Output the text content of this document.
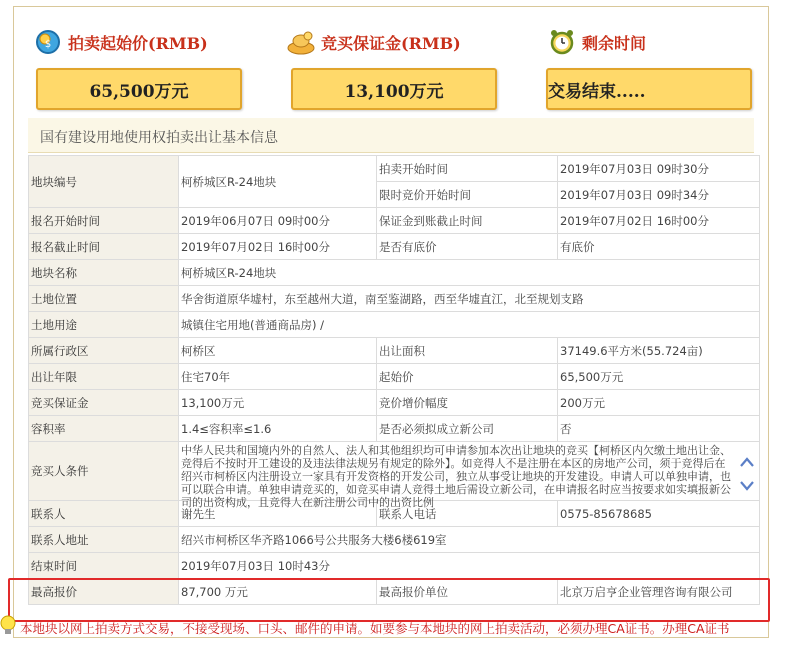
$ 拍卖起始价(RMB)	竞买保证金(RMB)	剩余时间
65,500万元	13,100万元	交易结束.....
国有建设用地使用权拍卖出让基本信息
地块编号	柯桥城区R-24地块	拍卖开始时间	2019年07月03日 09时30分
		限时竞价开始时间	2019年07月03日 09时34分
报名开始时间	2019年06月07日 09时00分	保证金到账截止时间	2019年07月02日 16时00分
报名截止时间	2019年07月02日 16时00分	是否有底价	有底价
地块名称	柯桥城区R-24地块		
土地位置	华舍街道原华墟村，东至越州大道，南至鉴湖路，西至华墟直江，北至规划支路		
土地用途	城镇住宅用地(普通商品房) /		
所属行政区	柯桥区	出让面积	37149.6平方米(55.724亩)
出让年限	住宅70年	起始价	65,500万元
竞买保证金	13,100万元	竞价增价幅度	200万元
容积率	1.4≤容积率≤1.6	是否必须拟成立新公司	否
竞买人条件	中华人民共和国境内外的自然人、法人和其他组织均可申请参加本次出让地块的竞买【柯桥区内欠缴土地出让金、竞得后不按时开工建设的及违法律法规另有规定的除外】。如竞得人不是注册在本区的房地产公司，须于竞得后在绍兴市柯桥区内注册设立一家具有开发资格的开发公司，独立从事受让地块的开发建设。申请人可以单独申请，也可以联合申请。单独申请竞买的，如竞买申请人竞得土地后需设立新公司，在申请报名时应当按要求如实填报新公司的出资构成，且竞得人在新注册公司中的出资比例		

联系人	谢先生	联系人电话	0575-85678685
联系人地址	绍兴市柯桥区华齐路1066号公共服务大楼6楼619室		
结束时间	2019年07月03日 10时43分		
最高报价	87,700 万元	最高报价单位	北京万启亨企业管理咨询有限公司
本地块以网上拍卖方式交易，不接受现场、口头、邮件的申请。如要参与本地块的网上拍卖活动，必须办理CA证书。办理CA证书
